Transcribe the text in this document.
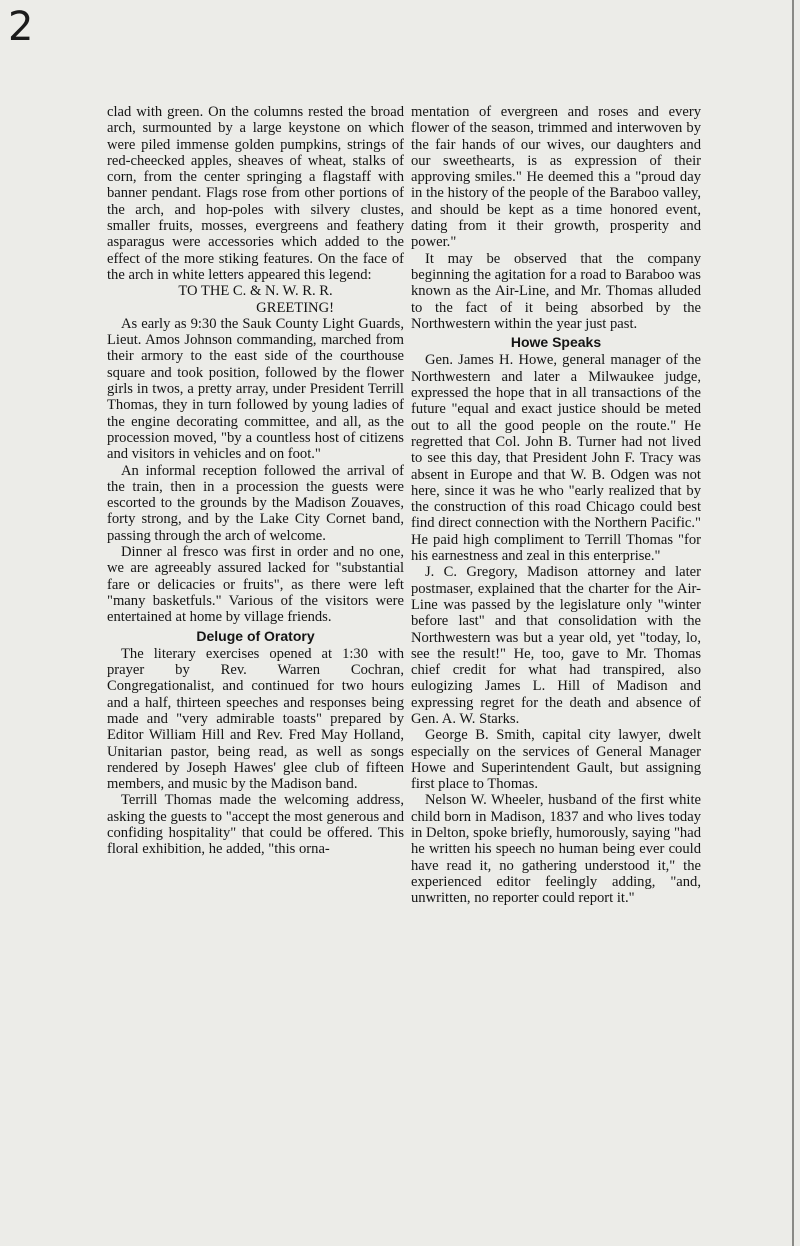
2

clad with green. On the columns rested the broad arch, surmounted by a large keystone on which were piled immense golden pumpkins, strings of red-cheecked apples, sheaves of wheat, stalks of corn, from the center springing a flagstaff with banner pendant. Flags rose from other portions of the arch, and hop-poles with silvery clustes, smaller fruits, mosses, evergreens and feathery asparagus were accessories which added to the effect of the more stiking features. On the face of the arch in white letters appeared this legend:

TO THE C. & N. W. R. R.

GREETING!

As early as 9:30 the Sauk County Light Guards, Lieut. Amos Johnson commanding, marched from their armory to the east side of the courthouse square and took position, followed by the flower girls in twos, a pretty array, under President Terrill Thomas, they in turn followed by young ladies of the engine decorating committee, and all, as the procession moved, "by a countless host of citizens and visitors in vehicles and on foot."

An informal reception followed the arrival of the train, then in a procession the guests were escorted to the grounds by the Madison Zouaves, forty strong, and by the Lake City Cornet band, passing through the arch of welcome.

Dinner al fresco was first in order and no one, we are agreeably assured lacked for "substantial fare or delicacies or fruits", as there were left "many basketfuls." Various of the visitors were entertained at home by village friends.

Deluge of Oratory

The literary exercises opened at 1:30 with prayer by Rev. Warren Cochran, Congregationalist, and continued for two hours and a half, thirteen speeches and responses being made and "very admirable toasts" prepared by Editor William Hill and Rev. Fred May Holland, Unitarian pastor, being read, as well as songs rendered by Joseph Hawes' glee club of fifteen members, and music by the Madison band.

Terrill Thomas made the welcoming address, asking the guests to "accept the most generous and confiding hospitality" that could be offered. This floral exhibition, he added, "this orna-

mentation of evergreen and roses and every flower of the season, trimmed and interwoven by the fair hands of our wives, our daughters and our sweethearts, is as expression of their approving smiles." He deemed this a "proud day in the history of the people of the Baraboo valley, and should be kept as a time honored event, dating from it their growth, prosperity and power."

It may be observed that the company beginning the agitation for a road to Baraboo was known as the Air-Line, and Mr. Thomas alluded to the fact of it being absorbed by the Northwestern within the year just past.

Howe Speaks

Gen. James H. Howe, general manager of the Northwestern and later a Milwaukee judge, expressed the hope that in all transactions of the future "equal and exact justice should be meted out to all the good people on the route." He regretted that Col. John B. Turner had not lived to see this day, that President John F. Tracy was absent in Europe and that W. B. Odgen was not here, since it was he who "early realized that by the construction of this road Chicago could best find direct connection with the Northern Pacific." He paid high compliment to Terrill Thomas "for his earnestness and zeal in this enterprise."

J. C. Gregory, Madison attorney and later postmaser, explained that the charter for the Air-Line was passed by the legislature only "winter before last" and that consolidation with the Northwestern was but a year old, yet "today, lo, see the result!" He, too, gave to Mr. Thomas chief credit for what had transpired, also eulogizing James L. Hill of Madison and expressing regret for the death and absence of Gen. A. W. Starks.

George B. Smith, capital city lawyer, dwelt especially on the services of General Manager Howe and Superintendent Gault, but assigning first place to Thomas.

Nelson W. Wheeler, husband of the first white child born in Madison, 1837 and who lives today in Delton, spoke briefly, humorously, saying "had he written his speech no human being ever could have read it, no gathering understood it," the experienced editor feelingly adding, "and, unwritten, no reporter could report it."
